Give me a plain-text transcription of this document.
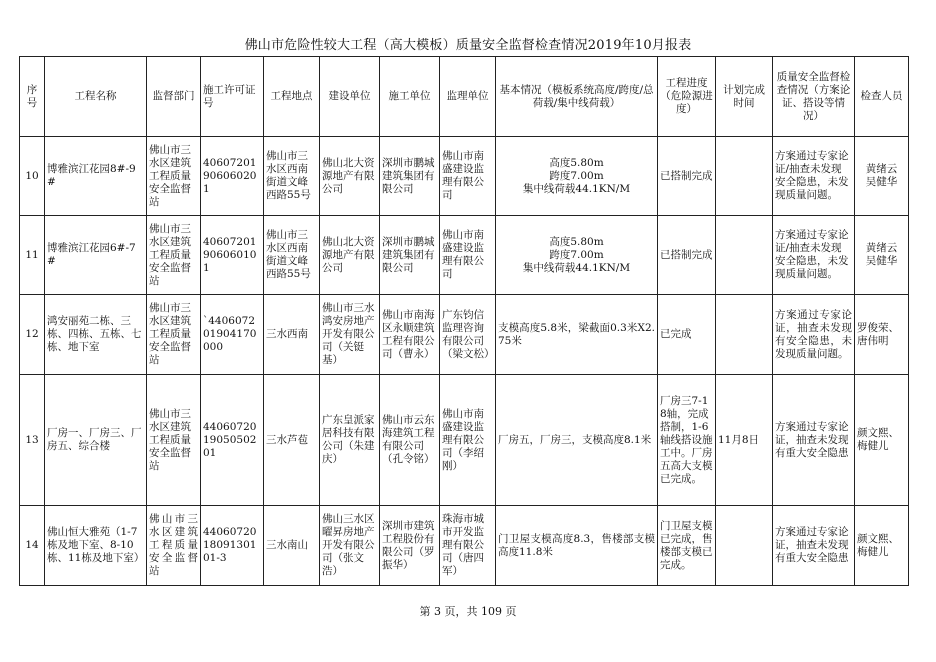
佛山市危险性较大工程（高大模板）质量安全监督检查情况2019年10月报表
序号	工程名称	监督部门	施工许可证号	工程地点	建设单位	施工单位	监理单位	基本情况（模板系统高度/跨度/总荷载/集中线荷载）	工程进度（危险源进度）	计划完成时间	质量安全监督检查情况（方案论证、搭设等情况）	检查人员
10	博雅滨江花园8#-9#	佛山市三水区建筑工程质量安全监督站	40607201906060201	佛山市三水区西南街道文峰西路55号	佛山北大资源地产有限公司	深圳市鹏城建筑集团有限公司	佛山市南盛建设监理有限公司	高度5.80m
跨度7.00m
集中线荷载44.1KN/M	已搭制完成		方案通过专家论证/抽查未发现安全隐患，未发现质量问题。	黄绪云
吴健华
11	博雅滨江花园6#-7#	佛山市三水区建筑工程质量安全监督站	40607201906060101	佛山市三水区西南街道文峰西路55号	佛山北大资源地产有限公司	深圳市鹏城建筑集团有限公司	佛山市南盛建设监理有限公司	高度5.80m
跨度7.00m
集中线荷载44.1KN/M	已搭制完成		方案通过专家论证/抽查未发现安全隐患，未发现质量问题。	黄绪云
吴健华
12	鸿安丽苑二栋、三栋、四栋、五栋、七栋、地下室	佛山市三水区建筑工程质量安全监督站	`440607201904170000	三水西南	佛山市三水鸿安房地产开发有限公司（关铤基）	佛山市南海区永顺建筑工程有限公司（曹永）	广东钧信监理咨询有限公司（梁文松）	支模高度5.8米，梁截面0.3米X2.75米	已完成		方案通过专家论证，抽查未发现有安全隐患，未发现质量问题。	罗俊荣、唐伟明
13	厂房一、厂房三、厂房五、综合楼	佛山市三水区建筑工程质量安全监督站	440607201905050201	三水芦苞	广东皇派家居科技有限公司（朱建庆）	佛山市云东海建筑工程有限公司（孔令铭）	佛山市南盛建设监理有限公司（李绍刚）	厂房五，厂房三，支模高度8.1米	厂房三7-18轴，完成搭制，1-6轴线搭设施工中。厂房五高大支模已完成。	11月8日	方案通过专家论证，抽查未发现有重大安全隐患	颜文熙、梅健儿
14	佛山恒大雅苑（1-7栋及地下室、8-10栋、11栋及地下室）	佛山市三水区建筑工程质量安全监督站	440607201809130101-3	三水南山	佛山三水区曜昇房地产开发有限公司（张文浩）	深圳市建筑工程股份有限公司（罗振华）	珠海市城市开发监理有限公司（唐四军）	门卫屋支模高度8.3，售楼部支模高度11.8米	门卫屋支模已完成，售楼部支模已完成。		方案通过专家论证，抽查未发现有重大安全隐患	颜文熙、梅健儿
第 3 页，共 109 页
